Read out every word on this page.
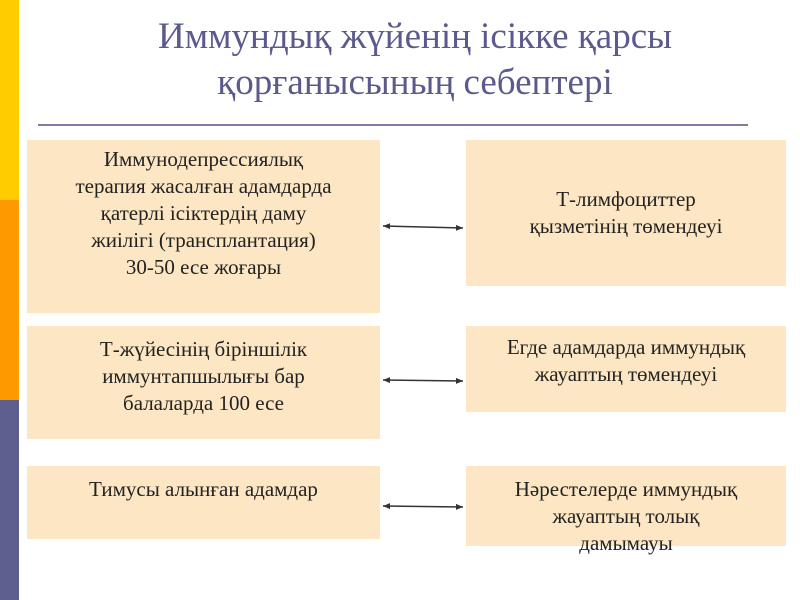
Иммундық жүйенің ісікке қарсы
қорғанысының себептері
Иммунодепрессиялық
терапия жасалған адамдарда
қатерлі ісіктердің даму
жиілігі (трансплантация)
30-50 есе жоғары
Т-жүйесінің біріншілік
иммунтапшылығы бар
балаларда 100 есе
Тимусы алынған адамдар
Т-лимфоциттер
қызметінің төмендеуі
Егде адамдарда иммундық
жауаптың төмендеуі
Нәрестелерде иммундық
жауаптың толық
дамымауы
